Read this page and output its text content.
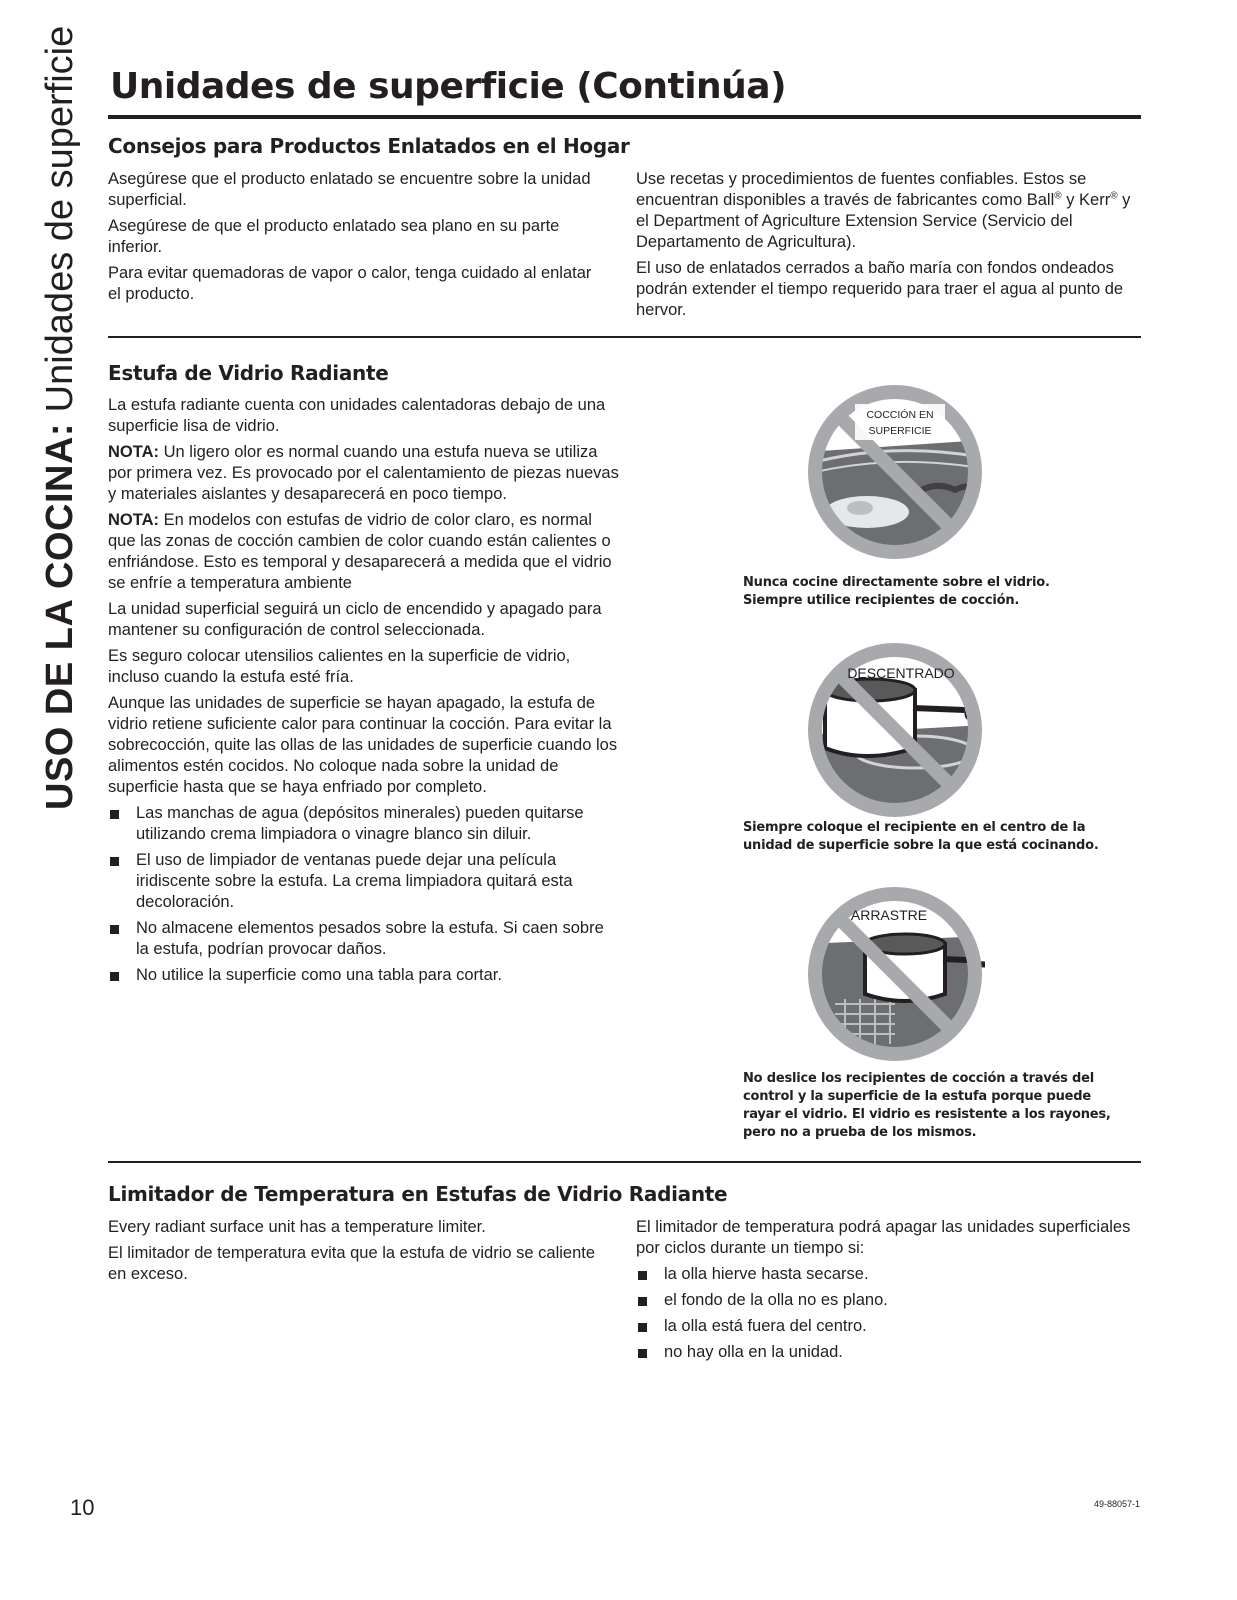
USO DE LA COCINA: Unidades de superficie Unidades de superficie (Continúa)
Consejos para Productos Enlatados en el Hogar

Asegúrese que el producto enlatado se encuentre sobre la unidad superficial.

Asegúrese de que el producto enlatado sea plano en su parte inferior.

Para evitar quemadoras de vapor o calor, tenga cuidado al enlatar el producto.

Use recetas y procedimientos de fuentes confiables. Estos se encuentran disponibles a través de fabricantes como Ball® y Kerr® y el Department of Agriculture Extension Service (Servicio del Departamento de Agricultura).

El uso de enlatados cerrados a baño maría con fondos ondeados podrán extender el tiempo requerido para traer el agua al punto de hervor.

Estufa de Vidrio Radiante

La estufa radiante cuenta con unidades calentadoras debajo de una superficie lisa de vidrio.

NOTA: Un ligero olor es normal cuando una estufa nueva se utiliza por primera vez. Es provocado por el calentamiento de piezas nuevas y materiales aislantes y desaparecerá en poco tiempo.

NOTA: En modelos con estufas de vidrio de color claro, es normal que las zonas de cocción cambien de color cuando están calientes o enfriándose. Esto es temporal y desaparecerá a medida que el vidrio se enfríe a temperatura ambiente

La unidad superficial seguirá un ciclo de encendido y apagado para mantener su configuración de control seleccionada.

Es seguro colocar utensilios calientes en la superficie de vidrio, incluso cuando la estufa esté fría.

Aunque las unidades de superficie se hayan apagado, la estufa de vidrio retiene suficiente calor para continuar la cocción. Para evitar la sobrecocción, quite las ollas de las unidades de superficie cuando los alimentos estén cocidos. No coloque nada sobre la unidad de superficie hasta que se haya enfriado por completo.

Las manchas de agua (depósitos minerales) pueden quitarse utilizando crema limpiadora o vinagre blanco sin diluir.
El uso de limpiador de ventanas puede dejar una película iridiscente sobre la estufa. La crema limpiadora quitará esta decoloración.
No almacene elementos pesados sobre la estufa. Si caen sobre la estufa, podrían provocar daños.
No utilice la superficie como una tabla para cortar.
COCCIÓN EN
SUPERFICIE
Nunca cocine directamente sobre el vidrio.
Siempre utilice recipientes de cocción.
DESCENTRADO
Siempre coloque el recipiente en el centro de la
unidad de superficie sobre la que está cocinando.
ARRASTRE
No deslice los recipientes de cocción a través del
control y la superficie de la estufa porque puede
rayar el vidrio. El vidrio es resistente a los rayones,
pero no a prueba de los mismos.
Limitador de Temperatura en Estufas de Vidrio Radiante

Every radiant surface unit has a temperature limiter.

El limitador de temperatura evita que la estufa de vidrio se caliente en exceso.

El limitador de temperatura podrá apagar las unidades superficiales por ciclos durante un tiempo si:

la olla hierve hasta secarse.
el fondo de la olla no es plano.
la olla está fuera del centro.
no hay olla en la unidad.
10	49-88057-1
